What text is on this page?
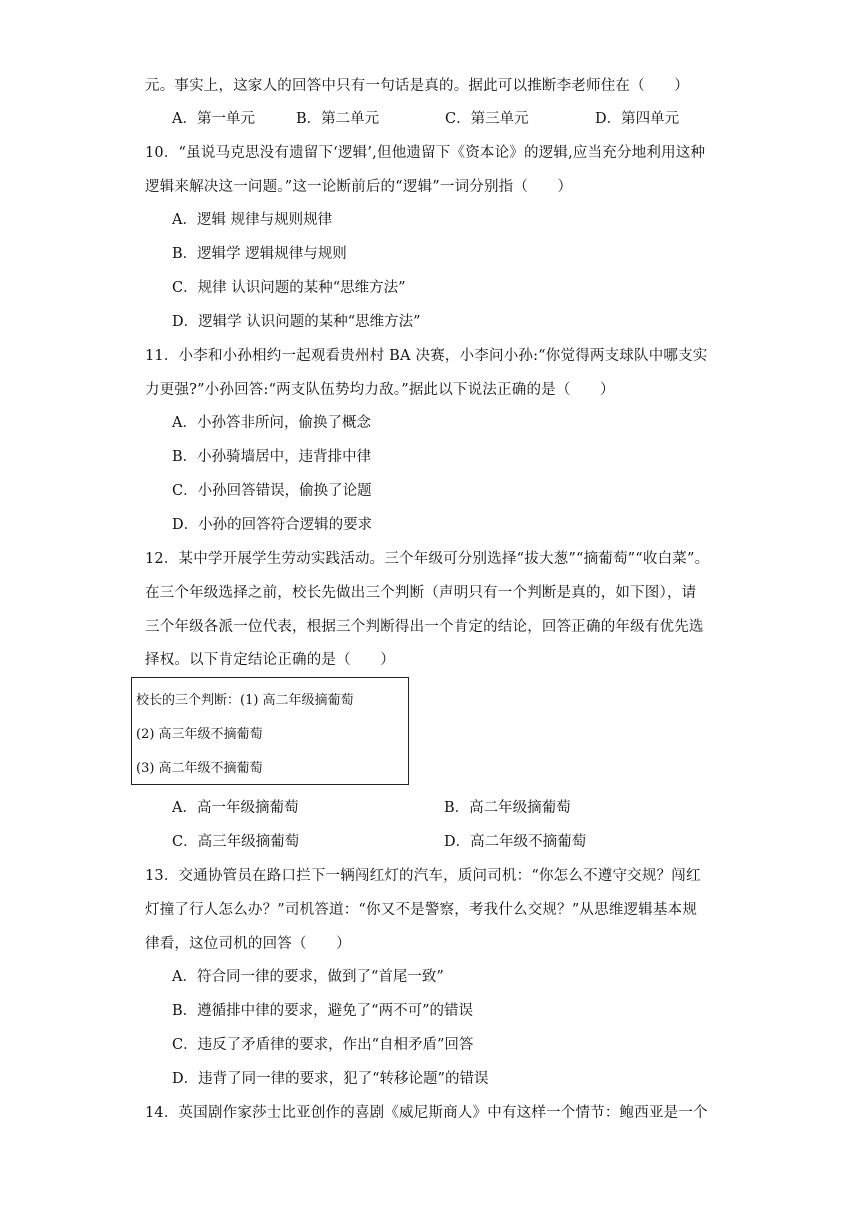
元。事实上，这家人的回答中只有一句话是真的。据此可以推断李老师住在（　　）
A．第一单元	B．第二单元	C．第三单元	D．第四单元
10．“虽说马克思没有遗留下‘逻辑’,但他遗留下《资本论》的逻辑,应当充分地利用这种
逻辑来解决这一问题。”这一论断前后的“逻辑”一词分别指（　　）
A．逻辑 规律与规则规律
B．逻辑学 逻辑规律与规则
C．规律 认识问题的某种“思维方法”
D．逻辑学 认识问题的某种“思维方法”
11．小李和小孙相约一起观看贵州村 BA 决赛，小李问小孙:“你觉得两支球队中哪支实
力更强?”小孙回答:“两支队伍势均力敌。”据此以下说法正确的是（　　）
A．小孙答非所问，偷换了概念
B．小孙骑墙居中，违背排中律
C．小孙回答错误，偷换了论题
D．小孙的回答符合逻辑的要求
12．某中学开展学生劳动实践活动。三个年级可分别选择“拔大葱”“摘葡萄”“收白菜”。
在三个年级选择之前，校长先做出三个判断（声明只有一个判断是真的，如下图），请
三个年级各派一位代表，根据三个判断得出一个肯定的结论，回答正确的年级有优先选
择权。以下肯定结论正确的是（　　）
校长的三个判断：(1) 高二年级摘葡萄
(2) 高三年级不摘葡萄
(3) 高二年级不摘葡萄
A．高一年级摘葡萄	B．高二年级摘葡萄
C．高三年级摘葡萄	D．高二年级不摘葡萄
13．交通协管员在路口拦下一辆闯红灯的汽车，质问司机：“你怎么不遵守交规？闯红
灯撞了行人怎么办？”司机答道：“你又不是警察，考我什么交规？”从思维逻辑基本规
律看，这位司机的回答（　　）
A．符合同一律的要求，做到了“首尾一致”
B．遵循排中律的要求，避免了“两不可”的错误
C．违反了矛盾律的要求，作出“自相矛盾”回答
D．违背了同一律的要求，犯了“转移论题”的错误
14．英国剧作家莎士比亚创作的喜剧《威尼斯商人》中有这样一个情节：鲍西亚是一个
